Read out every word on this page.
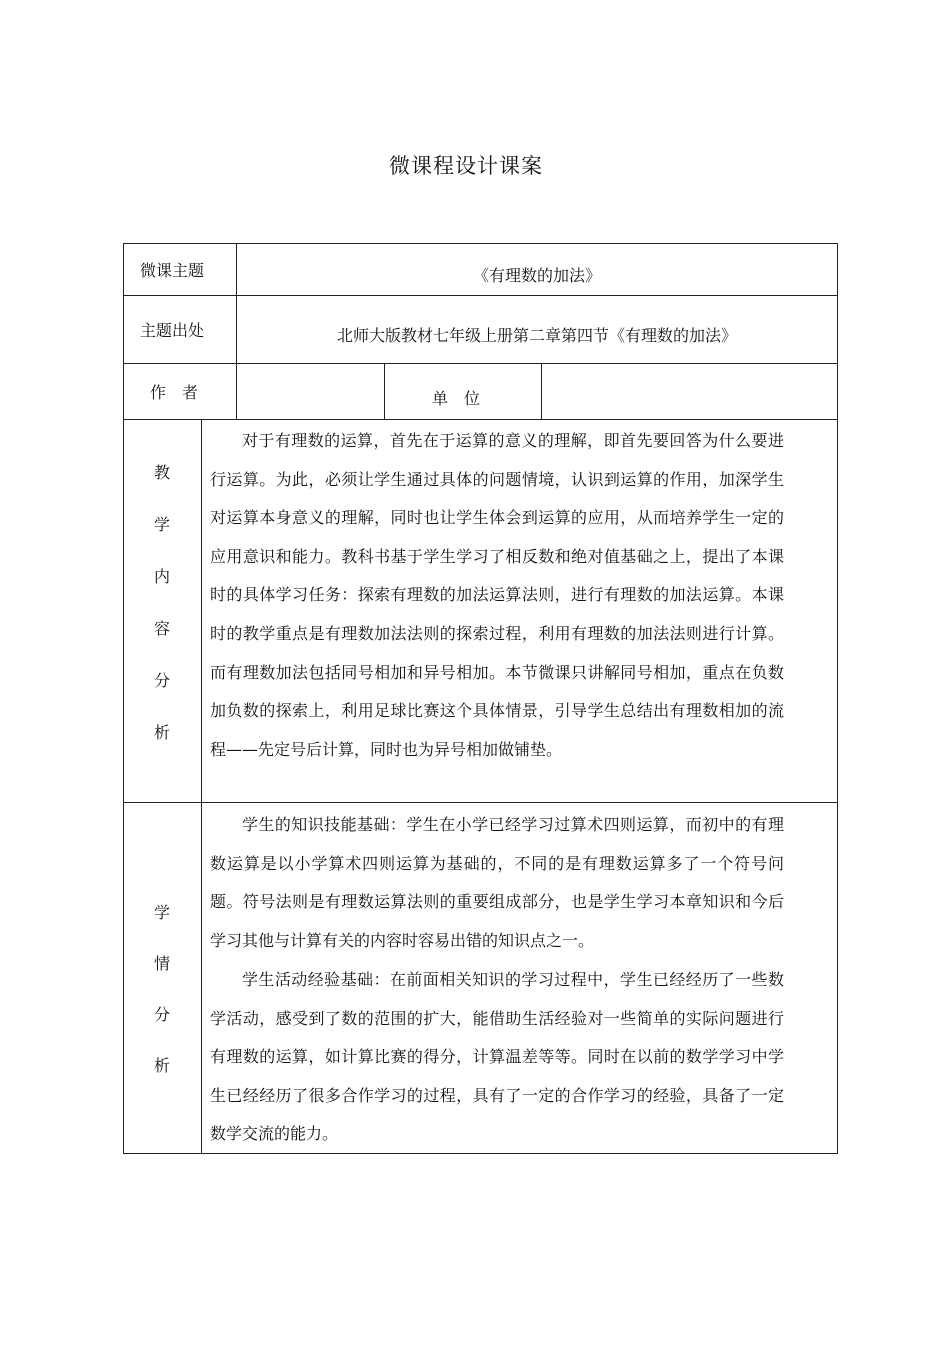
微课程设计课案
微课主题	《有理数的加法》
主题出处	北师大版教材七年级上册第二章第四节《有理数的加法》
作　者	单　位
教
学
内
容
分
析

对于有理数的运算，首先在于运算的意义的理解，即首先要回答为什么要进行运算。为此，必须让学生通过具体的问题情境，认识到运算的作用，加深学生对运算本身意义的理解，同时也让学生体会到运算的应用，从而培养学生一定的应用意识和能力。教科书基于学生学习了相反数和绝对值基础之上，提出了本课时的具体学习任务：探索有理数的加法运算法则，进行有理数的加法运算。本课时的教学重点是有理数加法法则的探索过程，利用有理数的加法法则进行计算。而有理数加法包括同号相加和异号相加。本节微课只讲解同号相加，重点在负数加负数的探索上，利用足球比赛这个具体情景，引导学生总结出有理数相加的流程——先定号后计算，同时也为异号相加做铺垫。

学
情
分
析

学生的知识技能基础：学生在小学已经学习过算术四则运算，而初中的有理数运算是以小学算术四则运算为基础的，不同的是有理数运算多了一个符号问题。符号法则是有理数运算法则的重要组成部分，也是学生学习本章知识和今后学习其他与计算有关的内容时容易出错的知识点之一。

学生活动经验基础：在前面相关知识的学习过程中，学生已经经历了一些数学活动，感受到了数的范围的扩大，能借助生活经验对一些简单的实际问题进行有理数的运算，如计算比赛的得分，计算温差等等。同时在以前的数学学习中学生已经经历了很多合作学习的过程，具有了一定的合作学习的经验，具备了一定数学交流的能力。
